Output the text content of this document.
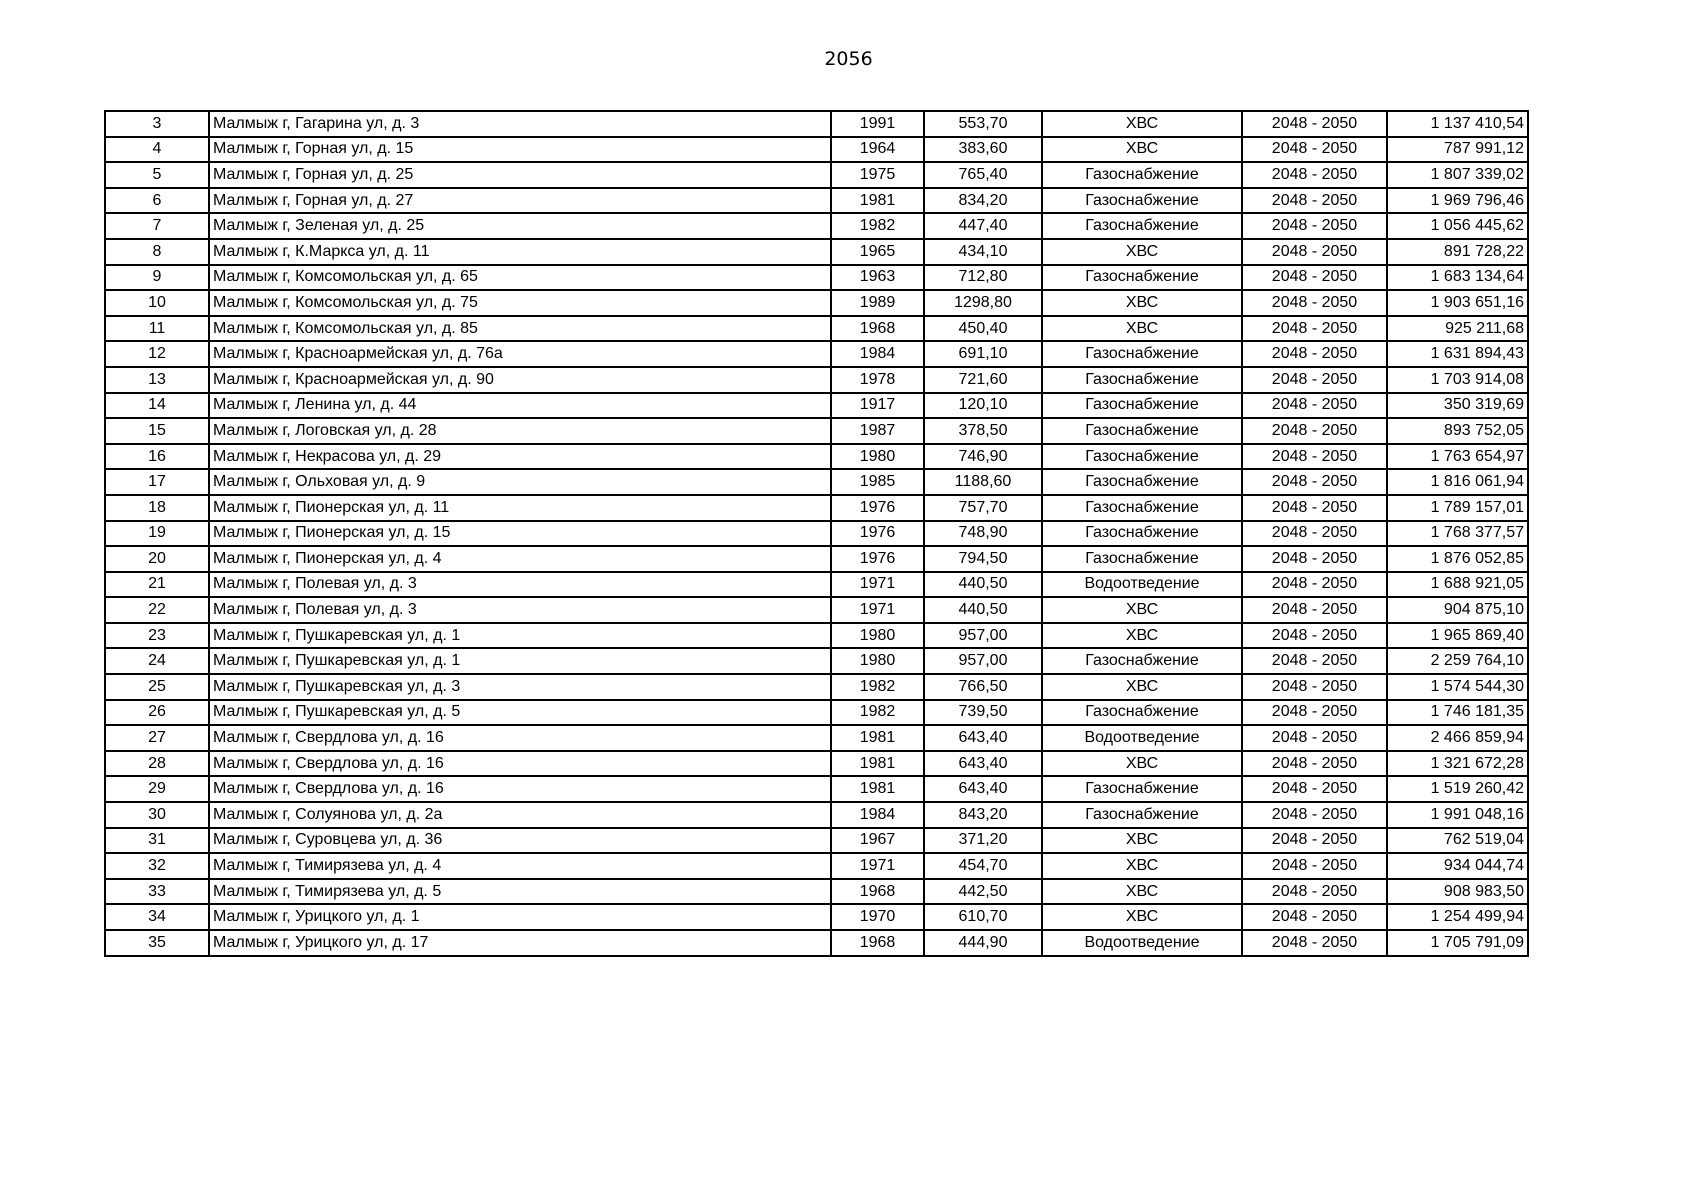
2056
3	Малмыж г, Гагарина ул, д. 3	1991	553,70	ХВС	2048 - 2050	1 137 410,54
4	Малмыж г, Горная ул, д. 15	1964	383,60	ХВС	2048 - 2050	787 991,12
5	Малмыж г, Горная ул, д. 25	1975	765,40	Газоснабжение	2048 - 2050	1 807 339,02
6	Малмыж г, Горная ул, д. 27	1981	834,20	Газоснабжение	2048 - 2050	1 969 796,46
7	Малмыж г, Зеленая ул, д. 25	1982	447,40	Газоснабжение	2048 - 2050	1 056 445,62
8	Малмыж г, К.Маркса ул, д. 11	1965	434,10	ХВС	2048 - 2050	891 728,22
9	Малмыж г, Комсомольская ул, д. 65	1963	712,80	Газоснабжение	2048 - 2050	1 683 134,64
10	Малмыж г, Комсомольская ул, д. 75	1989	1298,80	ХВС	2048 - 2050	1 903 651,16
11	Малмыж г, Комсомольская ул, д. 85	1968	450,40	ХВС	2048 - 2050	925 211,68
12	Малмыж г, Красноармейская ул, д. 76а	1984	691,10	Газоснабжение	2048 - 2050	1 631 894,43
13	Малмыж г, Красноармейская ул, д. 90	1978	721,60	Газоснабжение	2048 - 2050	1 703 914,08
14	Малмыж г, Ленина ул, д. 44	1917	120,10	Газоснабжение	2048 - 2050	350 319,69
15	Малмыж г, Логовская ул, д. 28	1987	378,50	Газоснабжение	2048 - 2050	893 752,05
16	Малмыж г, Некрасова ул, д. 29	1980	746,90	Газоснабжение	2048 - 2050	1 763 654,97
17	Малмыж г, Ольховая ул, д. 9	1985	1188,60	Газоснабжение	2048 - 2050	1 816 061,94
18	Малмыж г, Пионерская ул, д. 11	1976	757,70	Газоснабжение	2048 - 2050	1 789 157,01
19	Малмыж г, Пионерская ул, д. 15	1976	748,90	Газоснабжение	2048 - 2050	1 768 377,57
20	Малмыж г, Пионерская ул, д. 4	1976	794,50	Газоснабжение	2048 - 2050	1 876 052,85
21	Малмыж г, Полевая ул, д. 3	1971	440,50	Водоотведение	2048 - 2050	1 688 921,05
22	Малмыж г, Полевая ул, д. 3	1971	440,50	ХВС	2048 - 2050	904 875,10
23	Малмыж г, Пушкаревская ул, д. 1	1980	957,00	ХВС	2048 - 2050	1 965 869,40
24	Малмыж г, Пушкаревская ул, д. 1	1980	957,00	Газоснабжение	2048 - 2050	2 259 764,10
25	Малмыж г, Пушкаревская ул, д. 3	1982	766,50	ХВС	2048 - 2050	1 574 544,30
26	Малмыж г, Пушкаревская ул, д. 5	1982	739,50	Газоснабжение	2048 - 2050	1 746 181,35
27	Малмыж г, Свердлова ул, д. 16	1981	643,40	Водоотведение	2048 - 2050	2 466 859,94
28	Малмыж г, Свердлова ул, д. 16	1981	643,40	ХВС	2048 - 2050	1 321 672,28
29	Малмыж г, Свердлова ул, д. 16	1981	643,40	Газоснабжение	2048 - 2050	1 519 260,42
30	Малмыж г, Солуянова ул, д. 2а	1984	843,20	Газоснабжение	2048 - 2050	1 991 048,16
31	Малмыж г, Суровцева ул, д. 36	1967	371,20	ХВС	2048 - 2050	762 519,04
32	Малмыж г, Тимирязева ул, д. 4	1971	454,70	ХВС	2048 - 2050	934 044,74
33	Малмыж г, Тимирязева ул, д. 5	1968	442,50	ХВС	2048 - 2050	908 983,50
34	Малмыж г, Урицкого ул, д. 1	1970	610,70	ХВС	2048 - 2050	1 254 499,94
35	Малмыж г, Урицкого ул, д. 17	1968	444,90	Водоотведение	2048 - 2050	1 705 791,09
